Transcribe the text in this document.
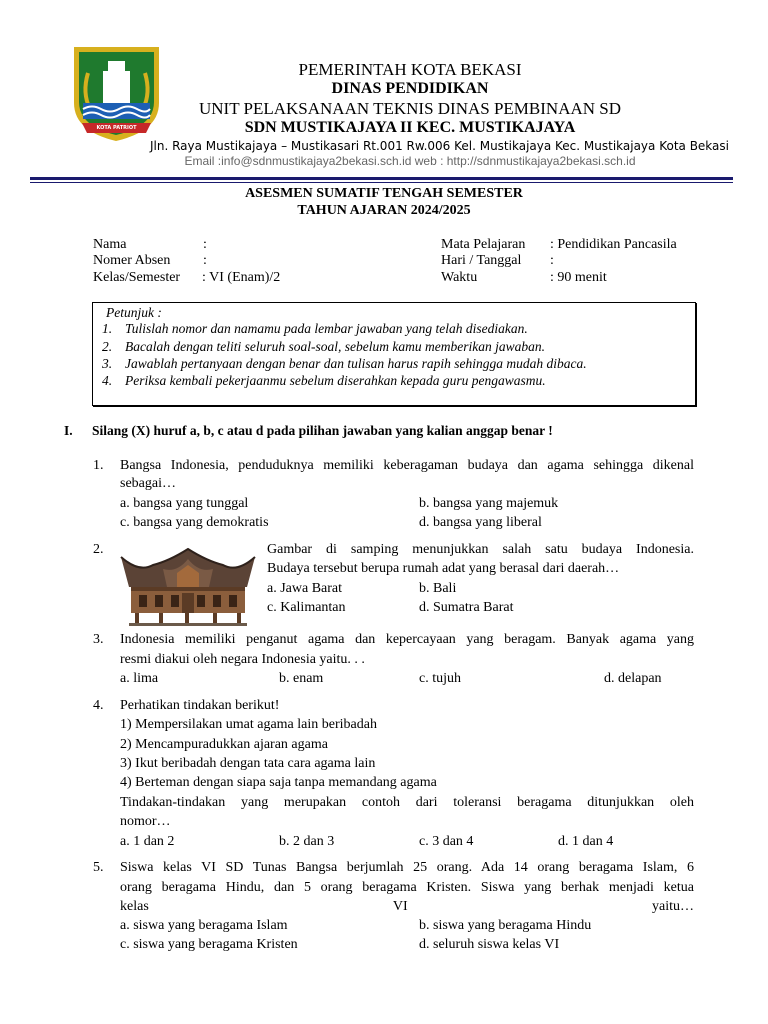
KOTA PATRIOT
PEMERINTAH KOTA BEKASI
DINAS PENDIDIKAN
UNIT PELAKSANAAN TEKNIS DINAS PEMBINAAN SD
SDN MUSTIKAJAYA II KEC. MUSTIKAJAYA
Jln. Raya Mustikajaya – Mustikasari Rt.001 Rw.006 Kel. Mustikajaya Kec. Mustikajaya Kota Bekasi
Email :info@sdnmustikajaya2bekasi.sch.id web : http://sdnmustikajaya2bekasi.sch.id
ASESMEN SUMATIF TENGAH SEMESTER
TAHUN AJARAN 2024/2025
Nama	:
Nomer Absen :
Kelas/Semester : VI (Enam)/2
Mata Pelajaran : Pendidikan Pancasila
Hari / Tanggal :
Waktu	: 90 menit
Petunjuk :
1. Tulislah nomor dan namamu pada lembar jawaban yang telah disediakan.
2. Bacalah dengan teliti seluruh soal-soal, sebelum kamu memberikan jawaban.
3. Jawablah pertanyaan dengan benar dan tulisan harus rapih sehingga mudah dibaca.
4. Periksa kembali pekerjaanmu sebelum diserahkan kepada guru pengawasmu.
I. Silang (X) huruf a, b, c atau d pada pilihan jawaban yang kalian anggap benar !
1. Bangsa Indonesia, penduduknya memiliki keberagaman budaya dan agama sehingga dikenal
sebagai…
a. bangsa yang tunggal	b. bangsa yang majemuk
c. bangsa yang demokratis	d. bangsa yang liberal
2.	Gambar di samping menunjukkan salah satu budaya Indonesia.
Budaya tersebut berupa rumah adat yang berasal dari daerah…
a. Jawa Barat	b. Bali
c. Kalimantan	d. Sumatra Barat
3. Indonesia memiliki penganut agama dan kepercayaan yang beragam. Banyak agama yang
resmi diakui oleh negara Indonesia yaitu. . .
a. lima	b. enam	c. tujuh	d. delapan
4. Perhatikan tindakan berikut!
1) Mempersilakan umat agama lain beribadah
2) Mencampuradukkan ajaran agama
3) Ikut beribadah dengan tata cara agama lain
4) Berteman dengan siapa saja tanpa memandang agama
Tindakan-tindakan yang merupakan contoh dari toleransi beragama ditunjukkan oleh
nomor…
a. 1 dan 2	b. 2 dan 3	c. 3 dan 4	d. 1 dan 4
5. Siswa kelas VI SD Tunas Bangsa berjumlah 25 orang. Ada 14 orang beragama Islam, 6
orang beragama Hindu, dan 5 orang beragama Kristen. Siswa yang berhak menjadi ketua
kelas VI yaitu…
a. siswa yang beragama Islam	b. siswa yang beragama Hindu
c. siswa yang beragama Kristen	d. seluruh siswa kelas VI
